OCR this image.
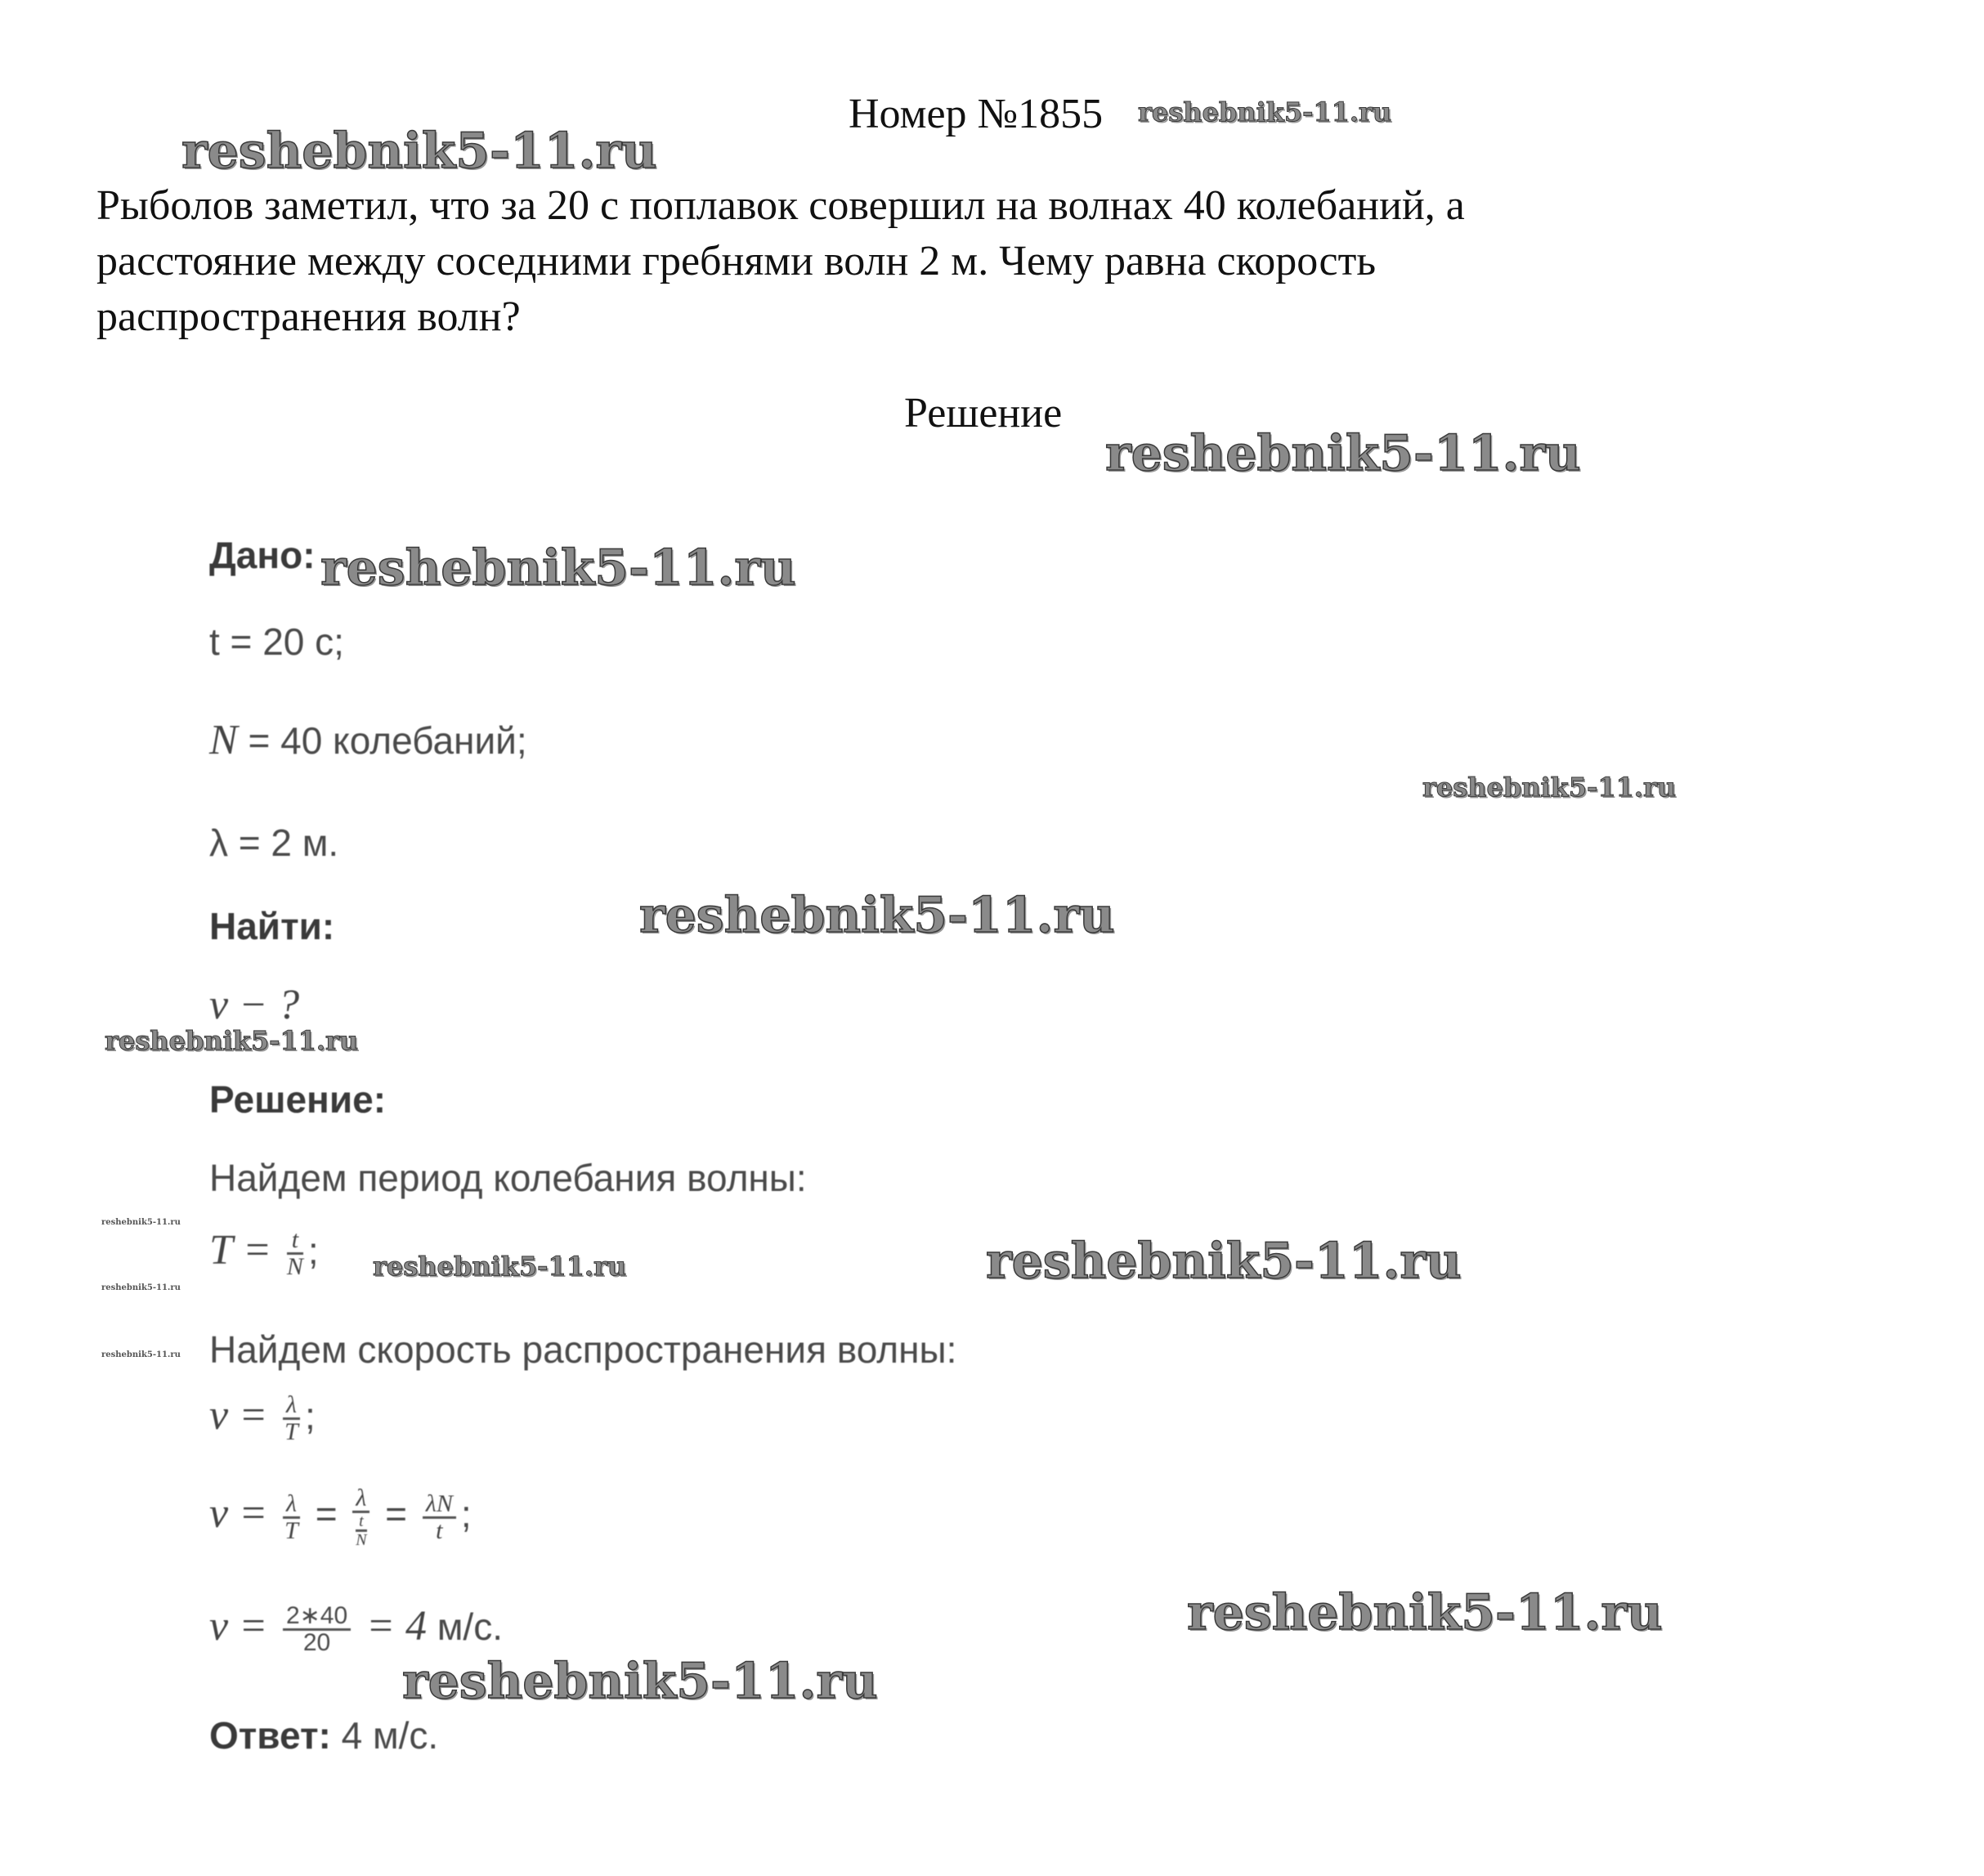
Номер №1855 reshebnik5-11.ru
reshebnik5-11.ru
Рыболов заметил, что за 20 с поплавок совершил на волнах 40 колебаний, а
расстояние между соседними гребнями волн 2 м. Чему равна скорость
распространения волн?
Решение
reshebnik5-11.ru
Дано: reshebnik5-11.ru
t = 20 с;
N = 40 колебаний;
reshebnik5-11.ru
λ = 2 м.
Найти:	reshebnik5-11.ru
v − ?
reshebnik5-11.ru
Решение:
Найдем период колебания волны:
reshebnik5-11.ru
$T = \frac{t}{N}$ ; reshebnik5-11.ru	reshebnik5-11.ru
reshebnik5-11.ru
reshebnik5-11.ru Найдем скорость распространения волны:
$v = \frac{\lambda}{T}$ ;
$v = \frac{\lambda}{T} = \frac{\lambda}{\frac{t}{N}} = \frac{\lambda N}{t}$ ;
$v = \frac{2∗40}{20} = 4$ м/с.	reshebnik5-11.ru
reshebnik5-11.ru
Ответ: 4 м/с.
